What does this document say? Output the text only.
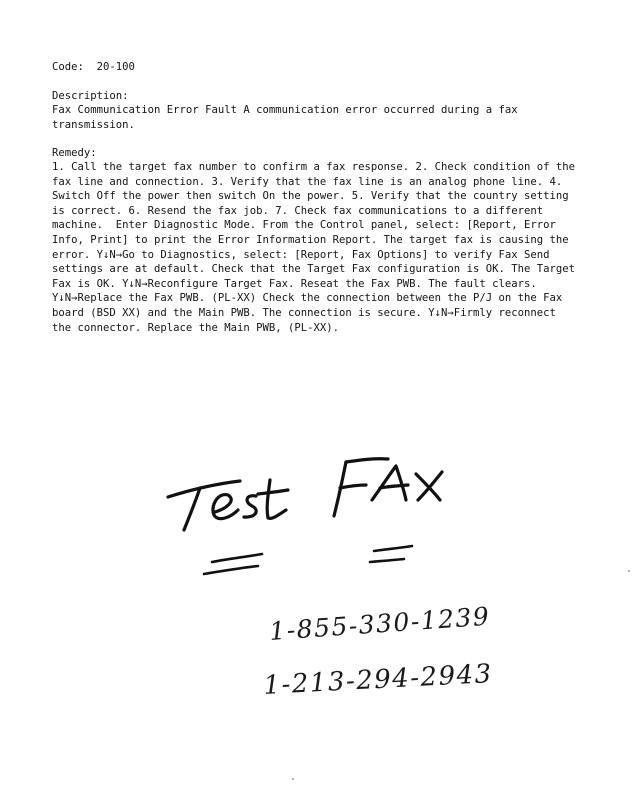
Code:  20-100
Description:
Fax Communication Error Fault A communication error occurred during a fax transmission.
Remedy:
1. Call the target fax number to confirm a fax response. 2. Check condition of the fax line and connection. 3. Verify that the fax line is an analog phone line. 4. Switch Off the power then switch On the power. 5. Verify that the country setting is correct. 6. Resend the fax job. 7. Check fax communications to a different machine.  Enter Diagnostic Mode. From the Control panel, select: [Report, Error Info, Print] to print the Error Information Report. The target fax is causing the error. Y↓N→Go to Diagnostics, select: [Report, Fax Options] to verify Fax Send settings are at default. Check that the Target Fax configuration is OK. The Target Fax is OK. Y↓N→Reconfigure Target Fax. Reseat the Fax PWB. The fault clears. Y↓N→Replace the Fax PWB. (PL-XX) Check the connection between the P/J on the Fax board (BSD XX) and the Main PWB. The connection is secure. Y↓N→Firmly reconnect the connector. Replace the Main PWB, (PL-XX).
1-855-330-1239
1-213-294-2943
